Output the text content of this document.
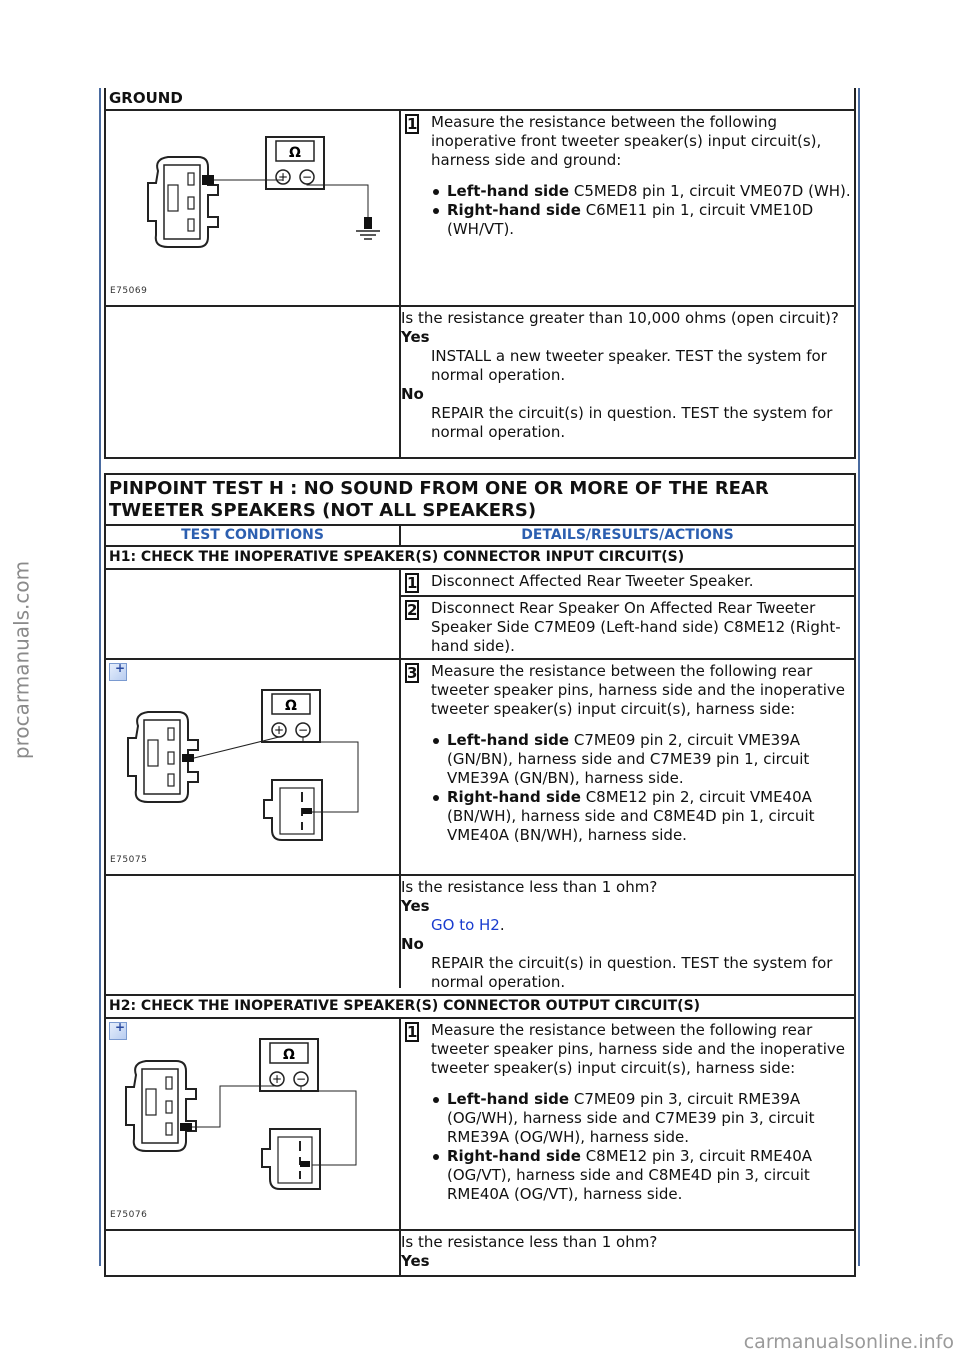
procarmanuals.com
carmanualsonline.info
GROUND
Ω
+ −
E75069
1 Measure the resistance between the following inoperative front tweeter speaker(s) input circuit(s), harness side and ground:

Left-hand side C5MED8 pin 1, circuit VME07D (WH).
Right-hand side C6ME11 pin 1, circuit VME10D (WH/VT).
Is the resistance greater than 10,000 ohms (open circuit)?
Yes
INSTALL a new tweeter speaker. TEST the system for normal operation.
No
REPAIR the circuit(s) in question. TEST the system for normal operation.
PINPOINT TEST H : NO SOUND FROM ONE OR MORE OF THE REAR TWEETER SPEAKERS (NOT ALL SPEAKERS)
TEST CONDITIONS	DETAILS/RESULTS/ACTIONS
H1: CHECK THE INOPERATIVE SPEAKER(S) CONNECTOR INPUT CIRCUIT(S)
1 Disconnect Affected Rear Tweeter Speaker.
2 Disconnect Rear Speaker On Affected Rear Tweeter Speaker Side C7ME09 (Left-hand side) C8ME12 (Right-hand side).
+
Ω
+ −
E75075
3 Measure the resistance between the following rear tweeter speaker pins, harness side and the inoperative tweeter speaker(s) input circuit(s), harness side:

Left-hand side C7ME09 pin 2, circuit VME39A (GN/BN), harness side and C7ME39 pin 1, circuit VME39A (GN/BN), harness side.
Right-hand side C8ME12 pin 2, circuit VME40A (BN/WH), harness side and C8ME4D pin 1, circuit VME40A (BN/WH), harness side.
Is the resistance less than 1 ohm?
Yes
GO to H2.
No
REPAIR the circuit(s) in question. TEST the system for normal operation.
H2: CHECK THE INOPERATIVE SPEAKER(S) CONNECTOR OUTPUT CIRCUIT(S)
+
Ω
+ −
E75076
1 Measure the resistance between the following rear tweeter speaker pins, harness side and the inoperative tweeter speaker(s) input circuit(s), harness side:

Left-hand side C7ME09 pin 3, circuit RME39A (OG/WH), harness side and C7ME39 pin 3, circuit RME39A (OG/WH), harness side.
Right-hand side C8ME12 pin 3, circuit RME40A (OG/VT), harness side and C8ME4D pin 3, circuit RME40A (OG/VT), harness side.
Is the resistance less than 1 ohm?
Yes
